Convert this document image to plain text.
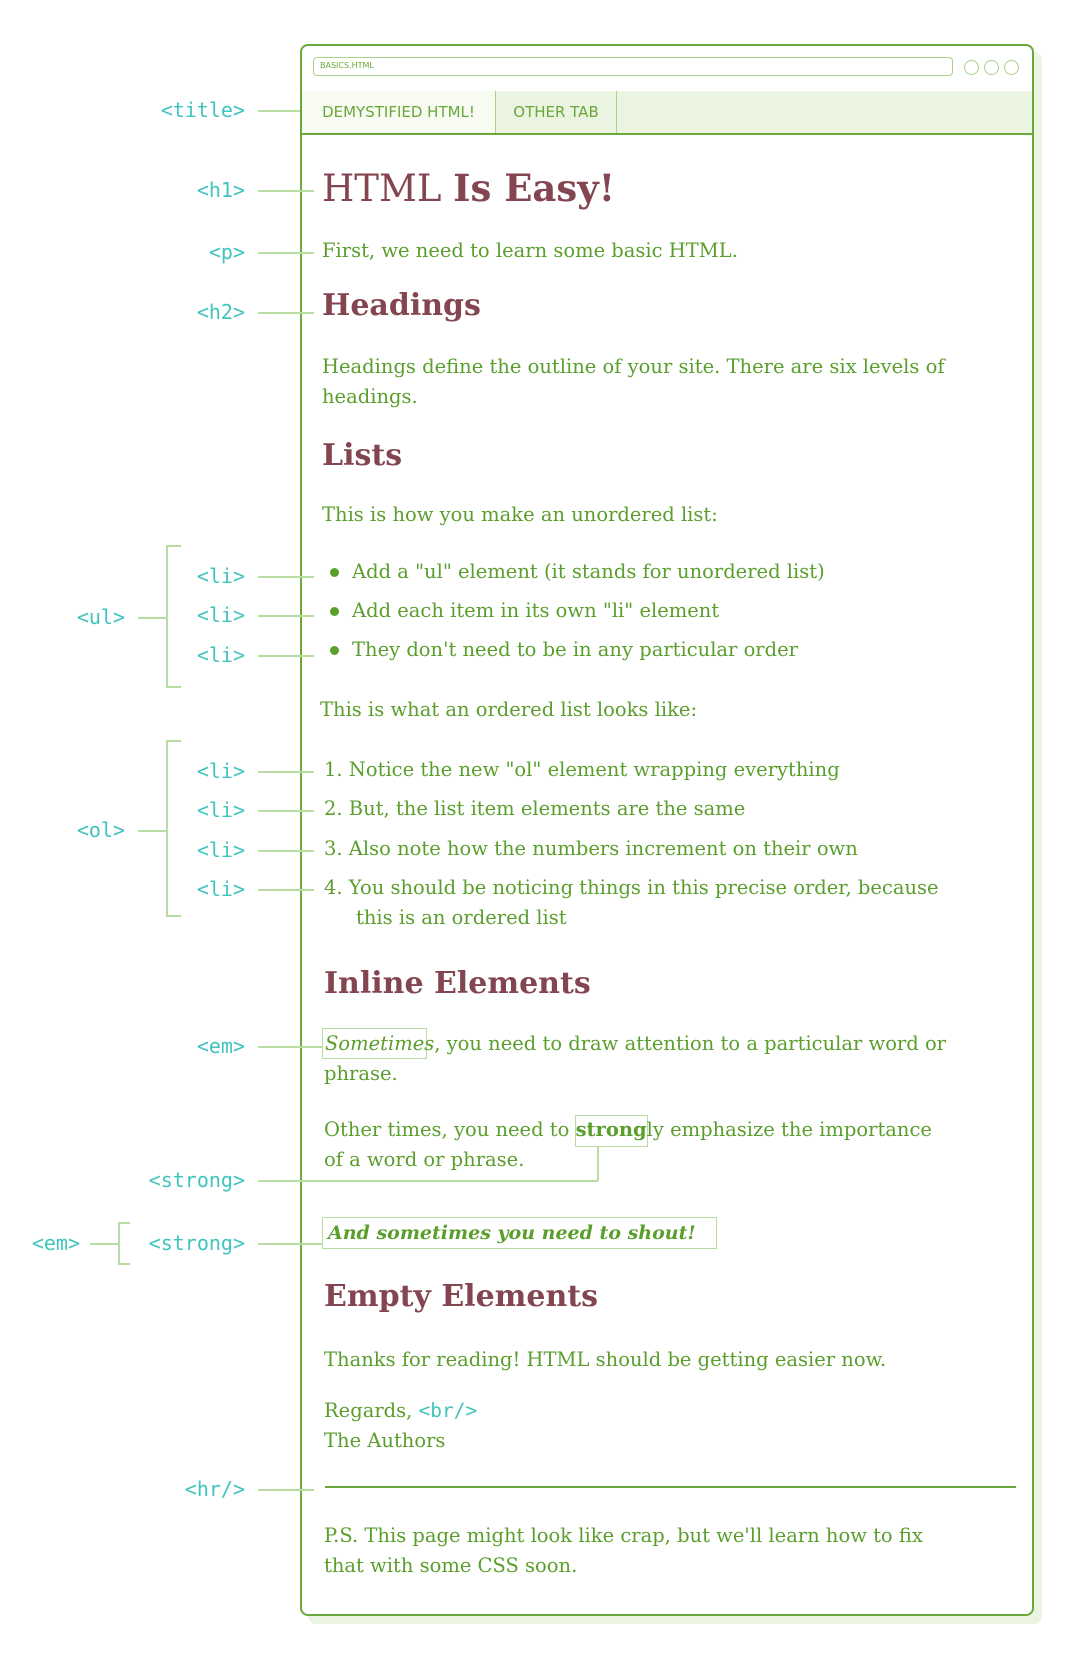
BASICS.HTML
DEMYSTIFIED HTML!	OTHER TAB
HTML Is Easy!
First, we need to learn some basic HTML.
Headings
Headings define the outline of your site. There are six levels of
headings.
Lists
This is how you make an unordered list:
Add a "ul" element (it stands for unordered list)
Add each item in its own "li" element
They don't need to be in any particular order
This is what an ordered list looks like:
1. Notice the new "ol" element wrapping everything
2. But, the list item elements are the same
3. Also note how the numbers increment on their own
4. You should be noticing things in this precise order, because
this is an ordered list
Inline Elements
Sometimes, you need to draw attention to a particular word or
phrase.
Other times, you need to strongly emphasize the importance
of a word or phrase.
And sometimes you need to shout!
Empty Elements
Thanks for reading! HTML should be getting easier now.
Regards, <br/>
The Authors
P.S. This page might look like crap, but we'll learn how to fix
that with some CSS soon.
<title>
<h1>
<p>
<h2>
<ul>
<li>
<li>
<li>
<ol>
<li>
<li>
<li>
<li>
<em>
<strong>
<strong>
<em>
<hr/>
